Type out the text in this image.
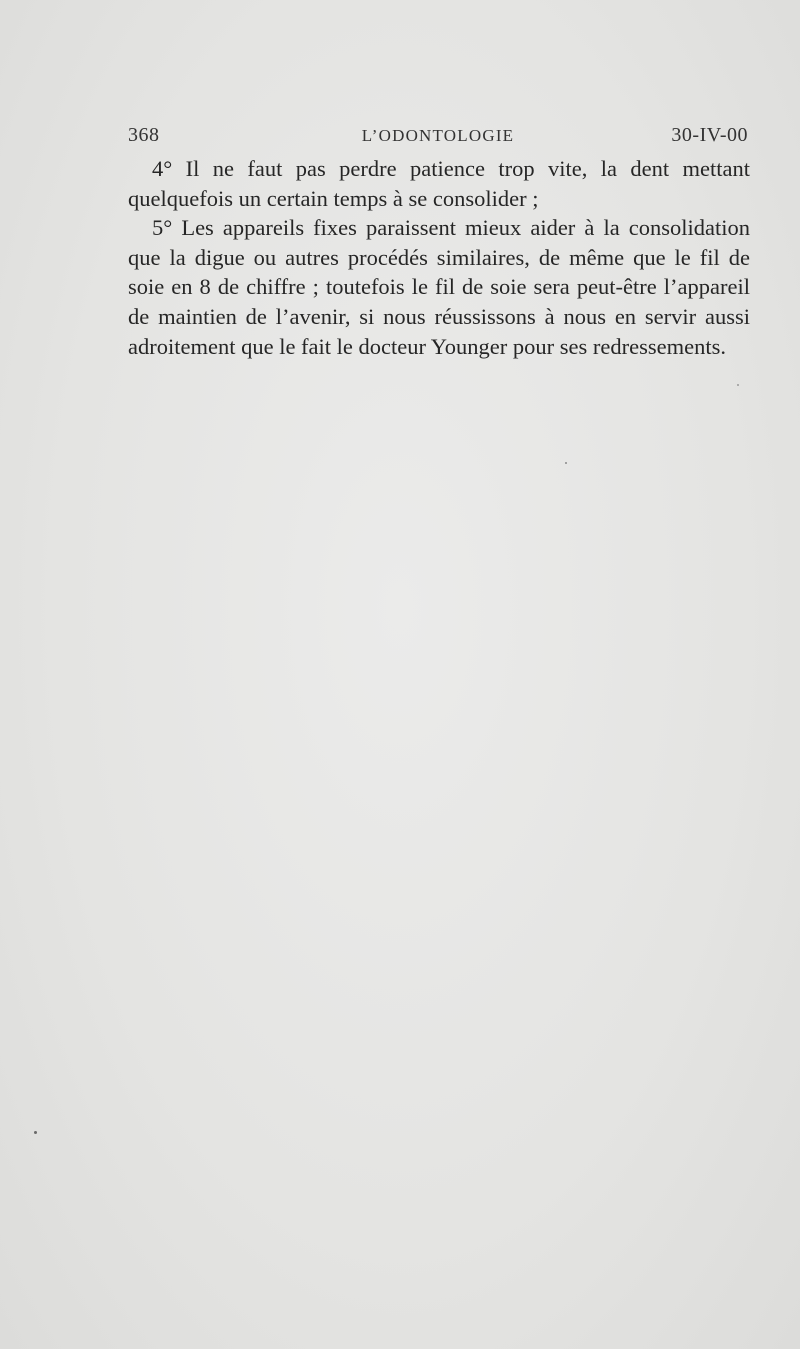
368	L’ODONTOLOGIE	30-IV-00

4° Il ne faut pas perdre patience trop vite, la dent mettant quelquefois un certain temps à se consolider ;

5° Les appareils fixes paraissent mieux aider à la consolidation que la digue ou autres procédés similaires, de même que le fil de soie en 8 de chiffre ; toutefois le fil de soie sera peut-être l’appareil de maintien de l’avenir, si nous réussissons à nous en servir aussi adroitement que le fait le docteur Younger pour ses redressements.
